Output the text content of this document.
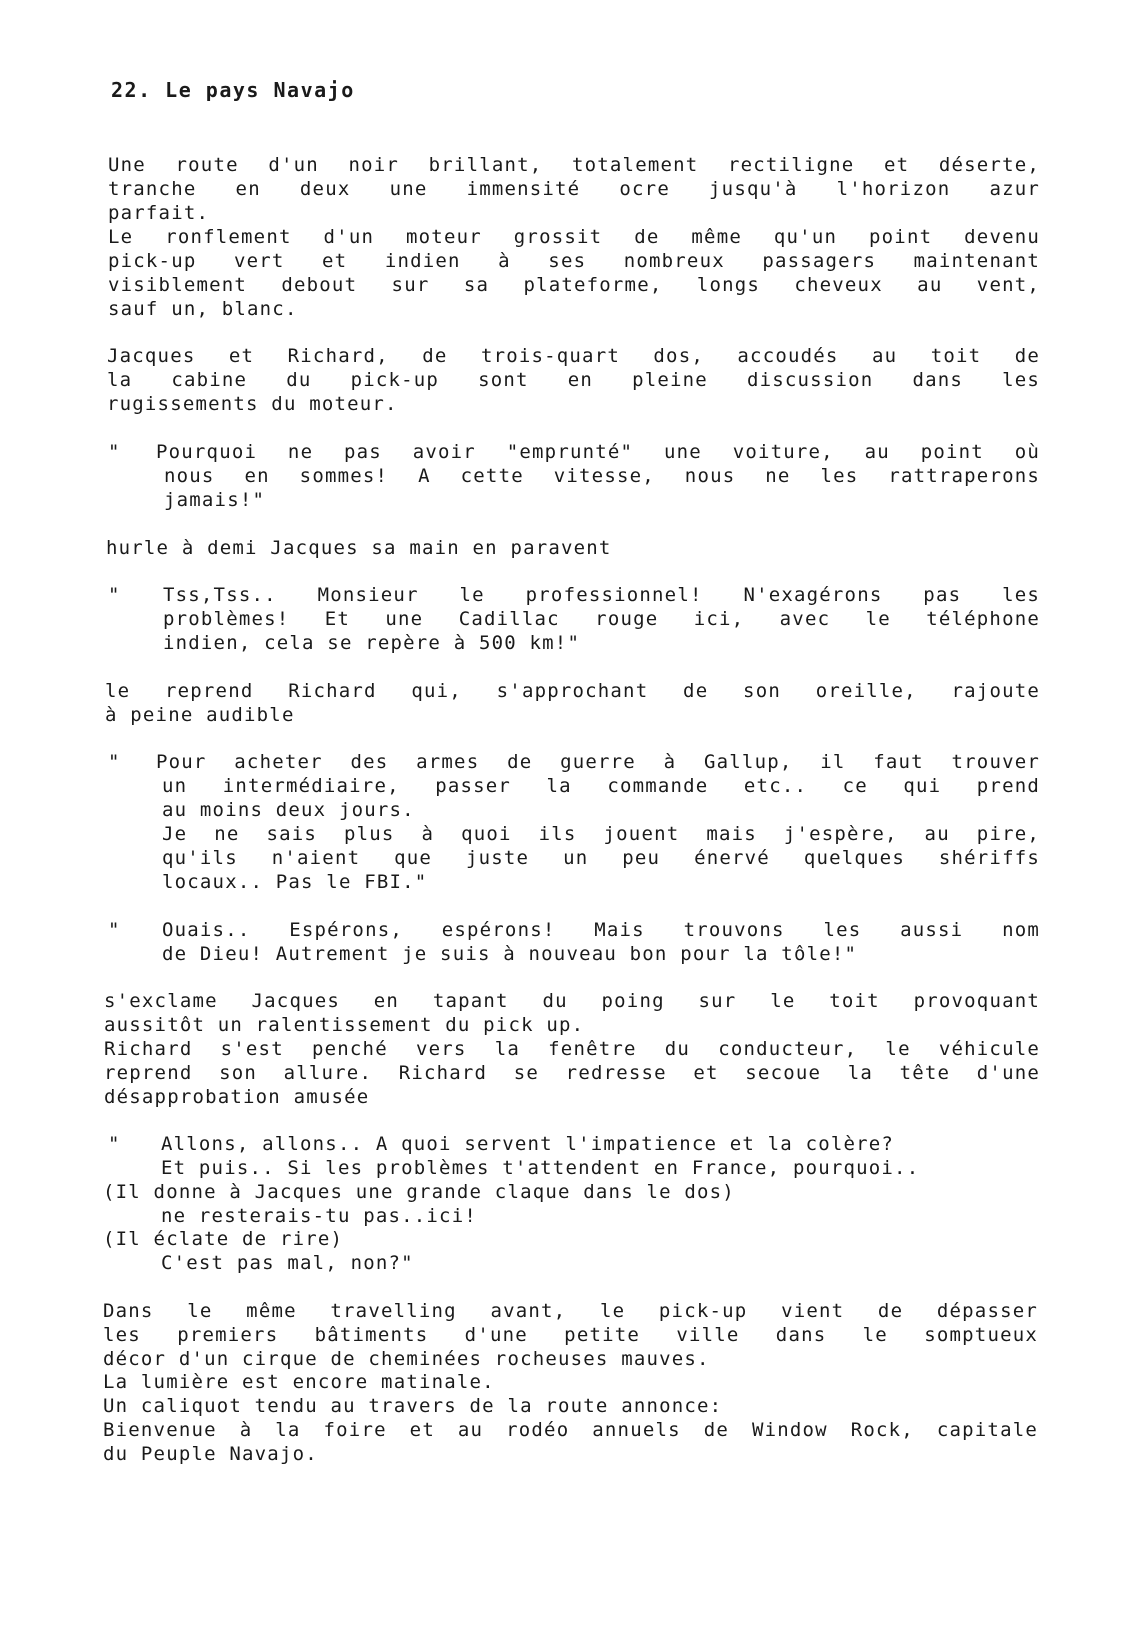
22. Le pays Navajo
Une route d'un noir brillant, totalement rectiligne et déserte,
tranche en deux une immensité ocre jusqu'à l'horizon azur
parfait.
Le ronflement d'un moteur grossit de même qu'un point devenu
pick-up vert et indien à ses nombreux passagers maintenant
visiblement debout sur sa plateforme, longs cheveux au vent,
sauf un, blanc.
Jacques et Richard, de trois-quart dos, accoudés au toit de
la cabine du pick-up sont en pleine discussion dans les
rugissements du moteur.
" Pourquoi ne pas avoir "emprunté" une voiture, au point où
nous en sommes! A cette vitesse, nous ne les rattraperons
jamais!"
hurle à demi Jacques sa main en paravent
" Tss,Tss.. Monsieur le professionnel! N'exagérons pas les
problèmes! Et une Cadillac rouge ici, avec le téléphone
indien, cela se repère à 500 km!"
le reprend Richard qui, s'approchant de son oreille, rajoute
à peine audible
" Pour acheter des armes de guerre à Gallup, il faut trouver
un intermédiaire, passer la commande etc.. ce qui prend
au moins deux jours.
Je ne sais plus à quoi ils jouent mais j'espère, au pire,
qu'ils n'aient que juste un peu énervé quelques shériffs
locaux.. Pas le FBI."
" Ouais.. Espérons, espérons! Mais trouvons les aussi nom
de Dieu! Autrement je suis à nouveau bon pour la tôle!"
s'exclame Jacques en tapant du poing sur le toit provoquant
aussitôt un ralentissement du pick up.
Richard s'est penché vers la fenêtre du conducteur, le véhicule
reprend son allure. Richard se redresse et secoue la tête d'une
désapprobation amusée
" Allons, allons.. A quoi servent l'impatience et la colère?
Et puis.. Si les problèmes t'attendent en France, pourquoi..
(Il donne à Jacques une grande claque dans le dos)
ne resterais-tu pas..ici!
(Il éclate de rire)
C'est pas mal, non?"
Dans le même travelling avant, le pick-up vient de dépasser
les premiers bâtiments d'une petite ville dans le somptueux
décor d'un cirque de cheminées rocheuses mauves.
La lumière est encore matinale.
Un caliquot tendu au travers de la route annonce:
Bienvenue à la foire et au rodéo annuels de Window Rock, capitale
du Peuple Navajo.
